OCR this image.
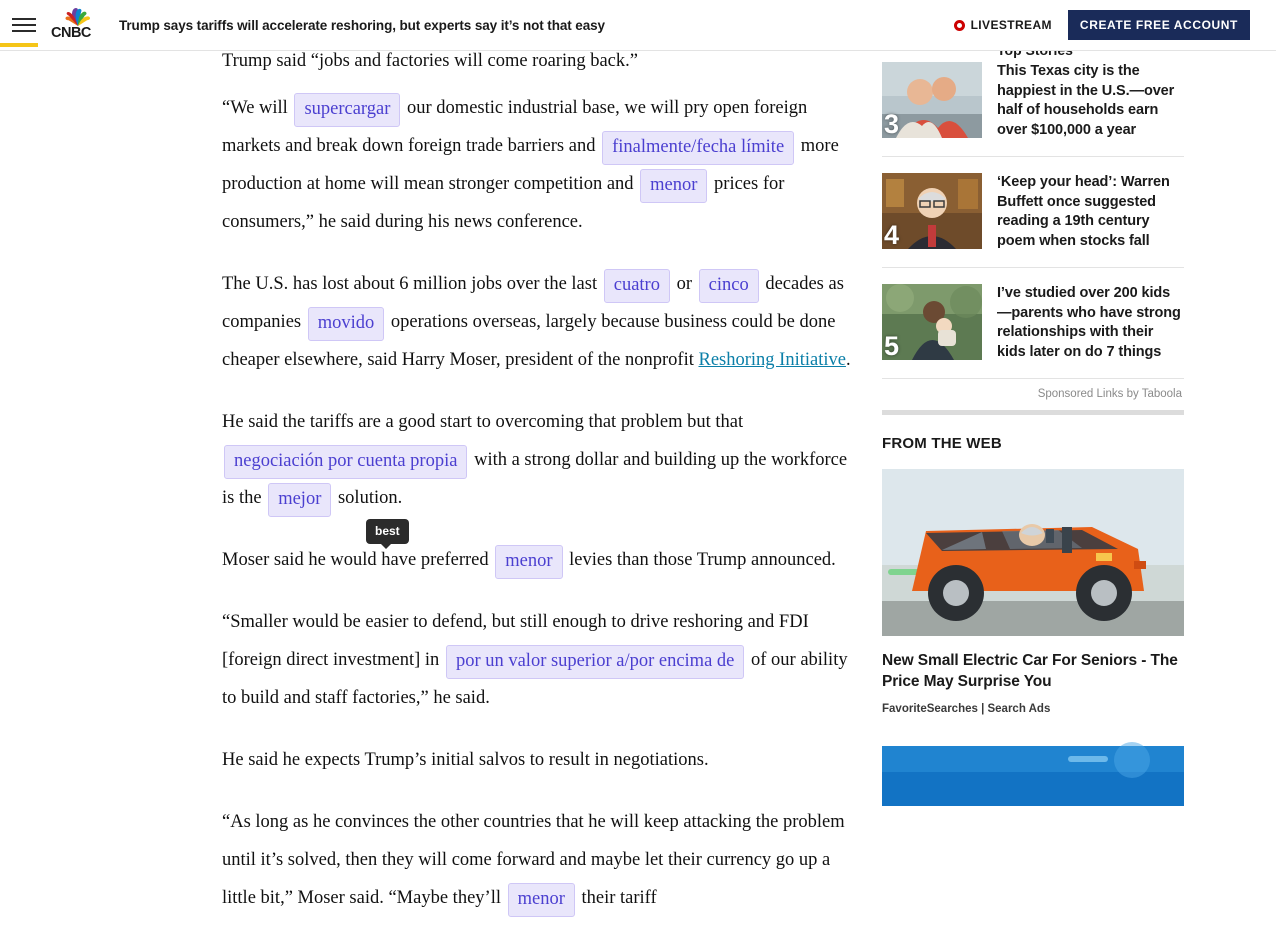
CNBC	Trump says tariffs will accelerate reshoring, but experts say it’s not that easy	LIVESTREAM	CREATE FREE ACCOUNT

Trump said “jobs and factories will come roaring back.”

“We will supercargar our domestic industrial base, we will pry open foreign markets and break down foreign trade barriers and finalmente/fecha límite more production at home will mean stronger competition and menor prices for consumers,” he said during his news conference.

The U.S. has lost about 6 million jobs over the last cuatro or cinco decades as companies movido operations overseas, largely because business could be done cheaper elsewhere, said Harry Moser, president of the nonprofit Reshoring Initiative.

He said the tariffs are a good start to overcoming that problem but that negociación por cuenta propia with a strong dollar and building up the workforce is the mejor solution.

Moser said he would have preferred menor levies than those Trump announced.

“Smaller would be easier to defend, but still enough to drive reshoring and FDI [foreign direct investment] in por un valor superior a/por encima de of our ability to build and staff factories,” he said.

He said he expects Trump’s initial salvos to result in negotiations.

“As long as he convinces the other countries that he will keep attacking the problem until it’s solved, then they will come forward and maybe let their currency go up a little bit,” Moser said. “Maybe they’ll menor their tariff

best
3
This Texas city is the happiest in the U.S.—over half of households earn over $100,000 a year
4
‘Keep your head’: Warren Buffett once suggested reading a 19th century poem when stocks fall
5
I’ve studied over 200 kids—parents who have strong relationships with their kids later on do 7 things
Sponsored Links by Taboola
FROM THE WEB
New Small Electric Car For Seniors - The Price May Surprise You
FavoriteSearches | Search Ads
